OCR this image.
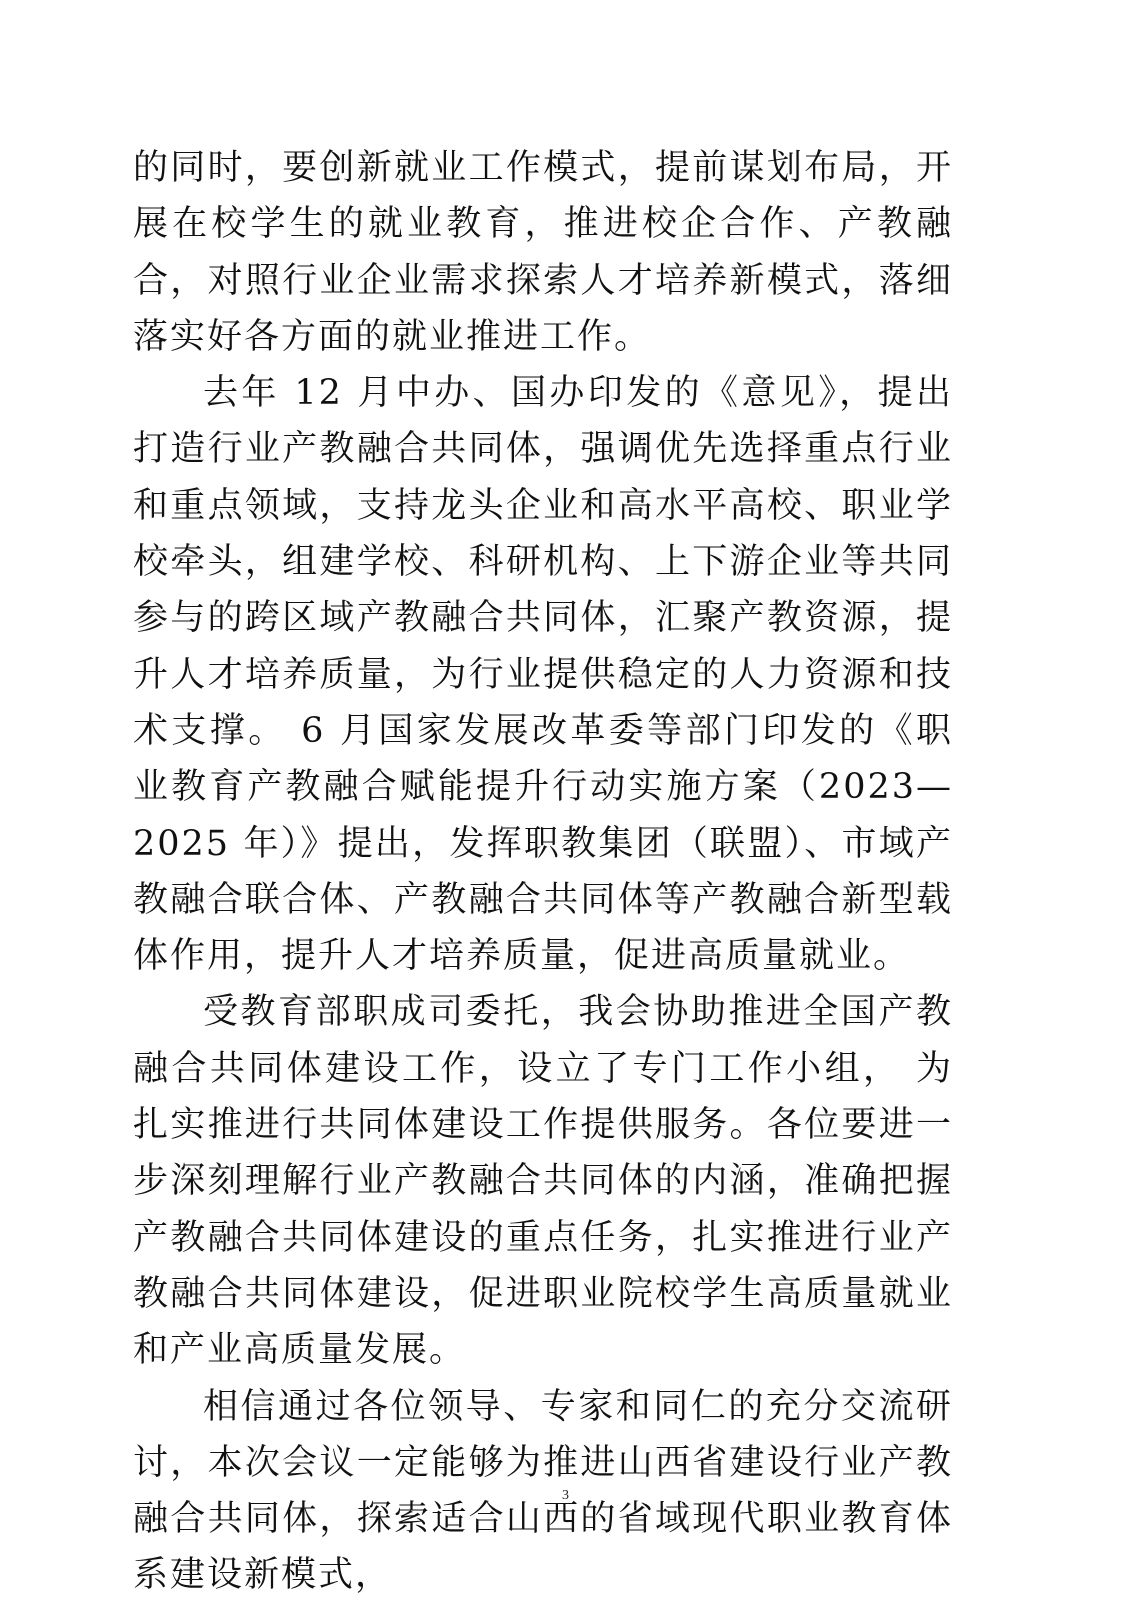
的同时，要创新就业工作模式，提前谋划布局，开展在校学生的就业教育，推进校企合作、产教融合，对照行业企业需求探索人才培养新模式，落细落实好各方面的就业推进工作。

去年 12 月中办、国办印发的《意见》，提出打造行业产教融合共同体，强调优先选择重点行业和重点领域，支持龙头企业和高水平高校、职业学校牵头，组建学校、科研机构、上下游企业等共同参与的跨区域产教融合共同体，汇聚产教资源，提升人才培养质量，为行业提供稳定的人力资源和技术支撑。 6 月国家发展改革委等部门印发的《职业教育产教融合赋能提升行动实施方案（2023—2025 年）》提出，发挥职教集团（联盟）、市域产教融合联合体、产教融合共同体等产教融合新型载体作用，提升人才培养质量，促进高质量就业。

受教育部职成司委托，我会协助推进全国产教融合共同体建设工作，设立了专门工作小组， 为扎实推进行共同体建设工作提供服务。各位要进一步深刻理解行业产教融合共同体的内涵，准确把握产教融合共同体建设的重点任务，扎实推进行业产教融合共同体建设，促进职业院校学生高质量就业和产业高质量发展。

相信通过各位领导、专家和同仁的充分交流研讨，本次会议一定能够为推进山西省建设行业产教融合共同体，探索适合山西的省域现代职业教育体系建设新模式，

3
